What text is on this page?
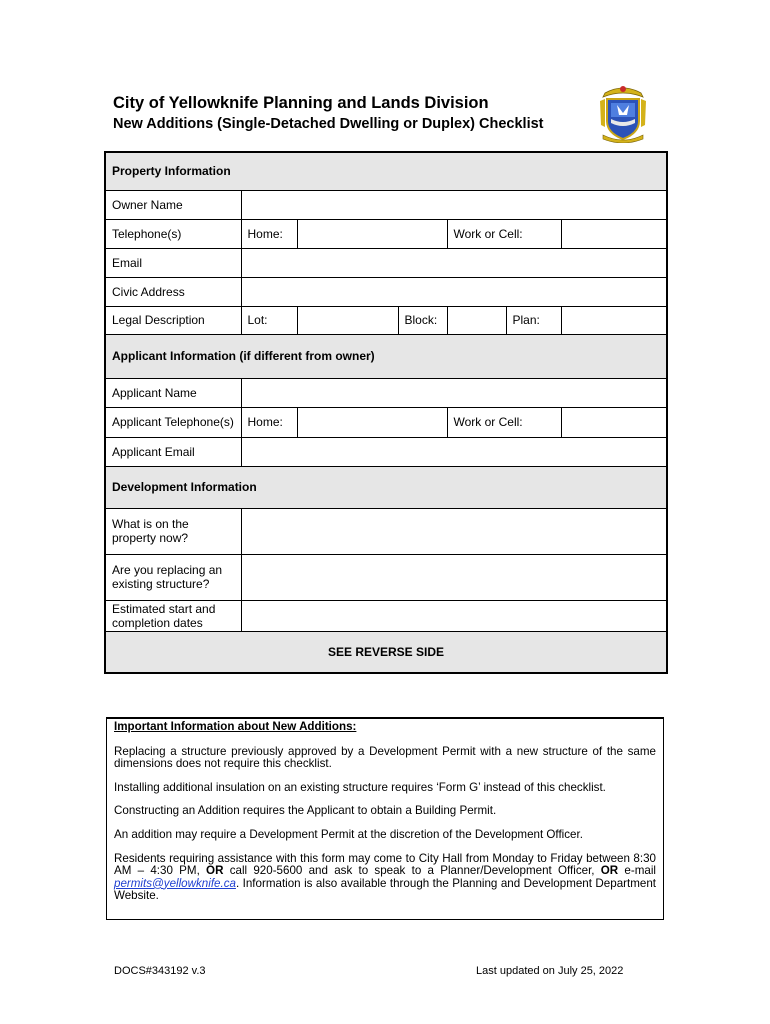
City of Yellowknife Planning and Lands Division
New Additions (Single-Detached Dwelling or Duplex) Checklist
Property Information						
Owner Name						
Telephone(s)	Home:			Work or Cell:		
Email						
Civic Address						
Legal Description	Lot:		Block:		Plan:	
Applicant Information (if different from owner)						
Applicant Name						
Applicant Telephone(s)	Home:			Work or Cell:		
Applicant Email						
Development Information						
What is on the property now?						
Are you replacing an existing structure?						
Estimated start and completion dates						
SEE REVERSE SIDE						
Important Information about New Additions:

Replacing a structure previously approved by a Development Permit with a new structure of the same dimensions does not require this checklist.

Installing additional insulation on an existing structure requires ‘Form G’ instead of this checklist.

Constructing an Addition requires the Applicant to obtain a Building Permit.

An addition may require a Development Permit at the discretion of the Development Officer.

Residents requiring assistance with this form may come to City Hall from Monday to Friday between 8:30 AM – 4:30 PM, OR call 920-5600 and ask to speak to a Planner/Development Officer, OR e-mail permits@yellowknife.ca. Information is also available through the Planning and Development Department Website.

DOCS#343192 v.3	Last updated on July 25, 2022
